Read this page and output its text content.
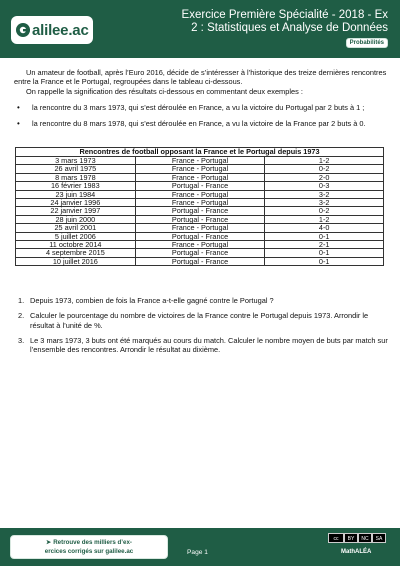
alilee.ac
Exercice Première Spécialité - 2018 - Ex
2 : Statistiques et Analyse de Données
Probabilités

Un amateur de football, après l’Euro 2016, décide de s’intéresser à l’historique des treize dernières rencontres entre la France et le Portugal, regroupées dans le tableau ci-dessous.

On rappelle la signification des résultats ci-dessous en commentant deux exemples :

• la rencontre du 3 mars 1973, qui s’est déroulée en France, a vu la victoire du Portugal par 2 buts à 1 ;
• la rencontre du 8 mars 1978, qui s’est déroulée en France, a vu la victoire de la France par 2 buts à 0.
Rencontres de football opposant la France et le Portugal depuis 1973		
3 mars 1973	France - Portugal	1-2
26 avril 1975	France - Portugal	0-2
8 mars 1978	France - Portugal	2-0
16 février 1983	Portugal - France	0-3
23 juin 1984	France - Portugal	3-2
24 janvier 1996	France - Portugal	3-2
22 janvier 1997	Portugal - France	0-2
28 juin 2000	Portugal - France	1-2
25 avril 2001	France - Portugal	4-0
5 juillet 2006	Portugal - France	0-1
11 octobre 2014	France - Portugal	2-1
4 septembre 2015	Portugal - France	0-1
10 juillet 2016	Portugal - France	0-1
1. Depuis 1973, combien de fois la France a-t-elle gagné contre le Portugal ?
2. Calculer le pourcentage du nombre de victoires de la France contre le Portugal depuis 1973. Arrondir le résultat à l’unité de %.
3. Le 3 mars 1973, 3 buts ont été marqués au cours du match. Calculer le nombre moyen de buts par match sur l’ensemble des rencontres. Arrondir le résultat au dixième.
➤ Retrouve des milliers d’ex-
ercices corrigés sur galilee.ac	Page 1
cc	BY	NC	SA
MathALÉA
